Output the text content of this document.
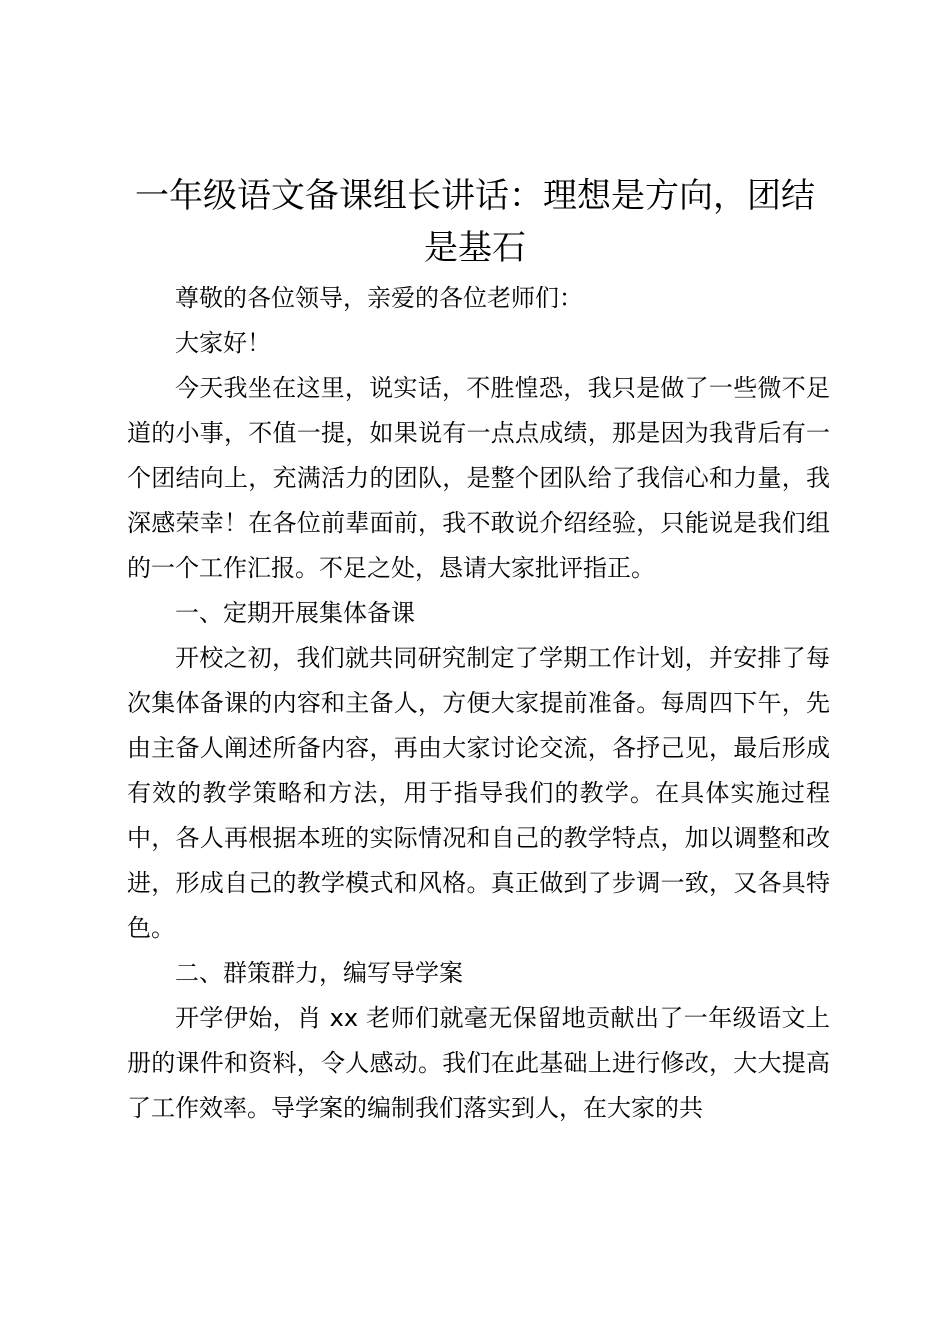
一年级语文备课组长讲话：理想是方向，团结是基石

尊敬的各位领导，亲爱的各位老师们：

大家好！

今天我坐在这里，说实话，不胜惶恐，我只是做了一些微不足道的小事，不值一提，如果说有一点点成绩，那是因为我背后有一个团结向上，充满活力的团队，是整个团队给了我信心和力量，我深感荣幸！在各位前辈面前，我不敢说介绍经验，只能说是我们组的一个工作汇报。不足之处，恳请大家批评指正。

一、定期开展集体备课

开校之初，我们就共同研究制定了学期工作计划，并安排了每次集体备课的内容和主备人，方便大家提前准备。每周四下午，先由主备人阐述所备内容，再由大家讨论交流，各抒己见，最后形成有效的教学策略和方法，用于指导我们的教学。在具体实施过程中，各人再根据本班的实际情况和自己的教学特点，加以调整和改进，形成自己的教学模式和风格。真正做到了步调一致，又各具特色。

二、群策群力，编写导学案

开学伊始，肖 xx 老师们就毫无保留地贡献出了一年级语文上册的课件和资料，令人感动。我们在此基础上进行修改，大大提高了工作效率。导学案的编制我们落实到人，在大家的共
